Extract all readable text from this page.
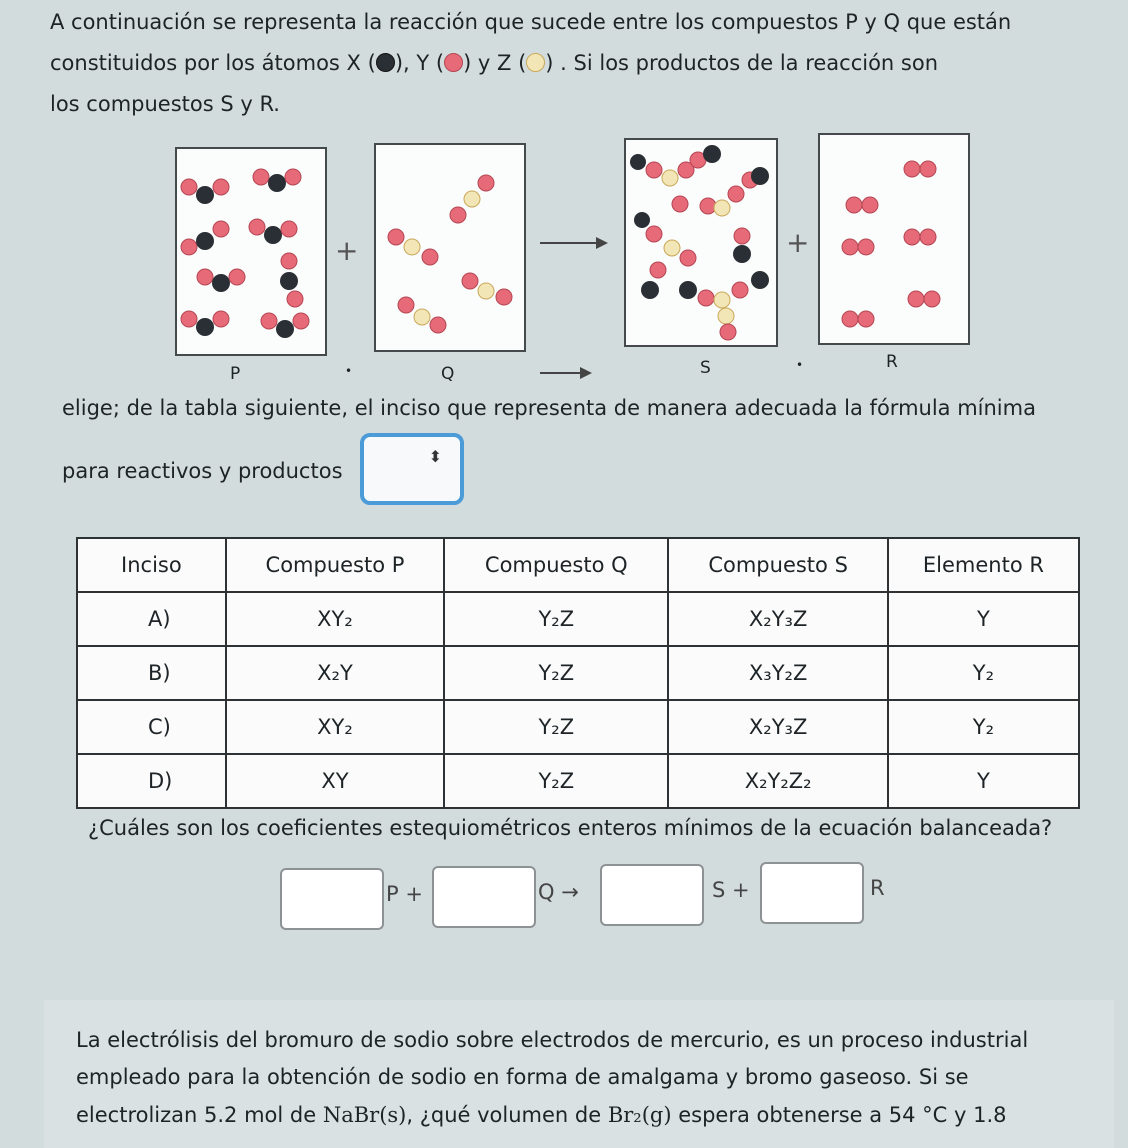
A continuación se representa la reacción que sucede entre los compuestos P y Q que están
constituidos por los átomos X ( ), Y ( ) y Z ( ) . Si los productos de la reacción son
los compuestos S y R.
+	+
P	•	Q	S	•	R
elige; de la tabla siguiente, el inciso que representa de manera adecuada la fórmula mínima
para reactivos y productos
⬍
Inciso	Compuesto P	Compuesto Q	Compuesto S	Elemento R
A)	XY₂	Y₂Z	X₂Y₃Z	Y
B)	X₂Y	Y₂Z	X₃Y₂Z	Y₂
C)	XY₂	Y₂Z	X₂Y₃Z	Y₂
D)	XY	Y₂Z	X₂Y₂Z₂	Y
¿Cuáles son los coeficientes estequiométricos enteros mínimos de la ecuación balanceada?
P +	Q →	S +	R
La electrólisis del bromuro de sodio sobre electrodos de mercurio, es un proceso industrial
empleado para la obtención de sodio en forma de amalgama y bromo gaseoso. Si se
electrolizan 5.2 mol de NaBr(s), ¿qué volumen de Br₂(g) espera obtenerse a 54 °C y 1.8
